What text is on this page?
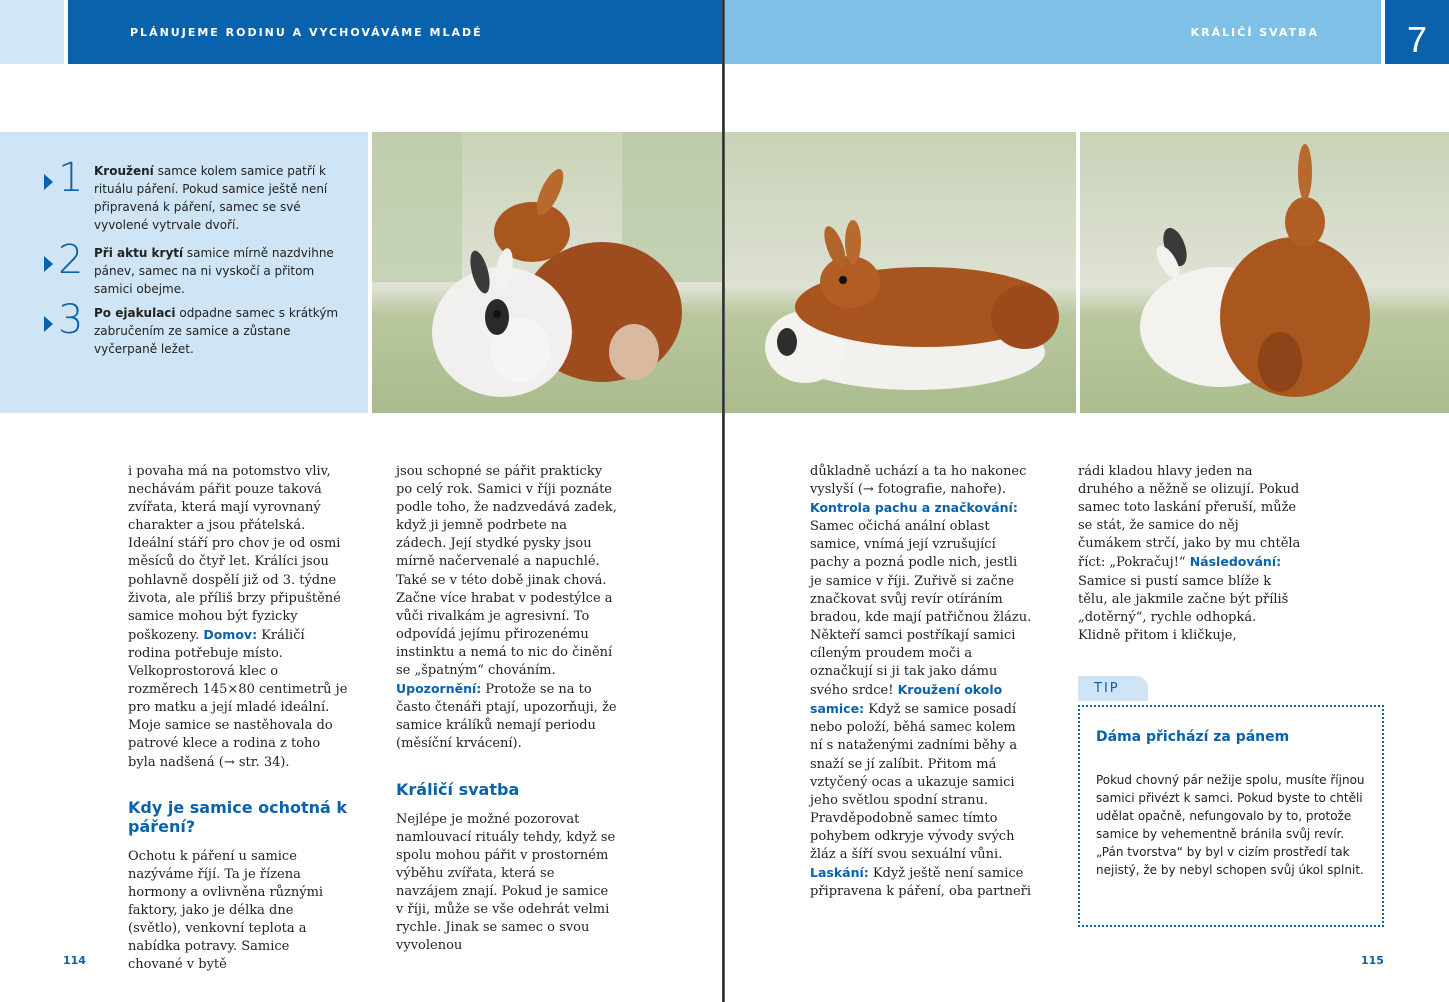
PLÁNUJEME RODINU A VYCHOVÁVÁME MLADÉ	KRÁLIČÍ SVATBA	7
1 Kroužení samce kolem samice patří k rituálu páření. Pokud samice ještě není připravená k páření, samec se své vyvolené vytrvale dvoří.
2 Při aktu krytí samice mírně nazdvihne pánev, samec na ni vyskočí a přitom samici obejme.
3 Po ejakulaci odpadne samec s krátkým zabručením ze samice a zůstane vyčerpaně ležet.

i povaha má na potomstvo vliv, nechávám pářit pouze taková zvířata, která mají vyrovnaný charakter a jsou přátelská. Ideální stáří pro chov je od osmi měsíců do čtyř let. Králíci jsou pohlavně dospělí již od 3. týdne života, ale příliš brzy připuštěné samice mohou být fyzicky poškozeny. Domov: Králičí rodina potřebuje místo. Velkoprostorová klec o rozměrech 145×80 centimetrů je pro matku a její mladé ideální. Moje samice se nastěhovala do patrové klece a rodina z toho byla nadšená (→ str. 34).

Kdy je samice ochotná k páření?

Ochotu k páření u samice nazýváme říjí. Ta je řízena hormony a ovlivněna různými faktory, jako je délka dne (světlo), venkovní teplota a nabídka potravy. Samice chované v bytě

jsou schopné se pářit prakticky po celý rok. Samici v říji poznáte podle toho, že nadzvedává zadek, když ji jemně podrbete na zádech. Její stydké pysky jsou mírně načervenalé a napuchlé. Také se v této době jinak chová. Začne více hrabat v podestýlce a vůči rivalkám je agresivní. To odpovídá jejímu přirozenému instinktu a nemá to nic do činění se „špatným“ chováním. Upozornění: Protože se na to často čtenáři ptají, upozorňuji, že samice králíků nemají periodu (měsíční krvácení).

Králičí svatba

Nejlépe je možné pozorovat namlouvací rituály tehdy, když se spolu mohou pářit v prostorném výběhu zvířata, která se navzájem znají. Pokud je samice v říji, může se vše odehrát velmi rychle. Jinak se samec o svou vyvolenou

důkladně uchází a ta ho nakonec vyslyší (→ fotografie, nahoře). Kontrola pachu a značkování: Samec očichá anální oblast samice, vnímá její vzrušující pachy a pozná podle nich, jestli je samice v říji. Zuřivě si začne značkovat svůj revír otíráním bradou, kde mají patřičnou žlázu. Někteří samci postříkají samici cíleným proudem moči a označkují si ji tak jako dámu svého srdce! Kroužení okolo samice: Když se samice posadí nebo položí, běhá samec kolem ní s nataženými zadními běhy a snaží se jí zalíbit. Přitom má vztyčený ocas a ukazuje samici jeho světlou spodní stranu. Pravděpodobně samec tímto pohybem odkryje vývody svých žláz a šíří svou sexuální vůni. Laskání: Když ještě není samice připravena k páření, oba partneři

rádi kladou hlavy jeden na druhého a něžně se olizují. Pokud samec toto laskání přeruší, může se stát, že samice do něj čumákem strčí, jako by mu chtěla říct: „Pokračuj!“ Následování: Samice si pustí samce blíže k tělu, ale jakmile začne být příliš „dotěrný“, rychle odhopká. Klidně přitom i kličkuje,

TIP
Dáma přichází za pánem
Pokud chovný pár nežije spolu, musíte říjnou samici přivézt k samci. Pokud byste to chtěli udělat opačně, nefungovalo by to, protože samice by vehementně bránila svůj revír. „Pán tvorstva“ by byl v cizím prostředí tak nejistý, že by nebyl schopen svůj úkol splnit.
114	115
